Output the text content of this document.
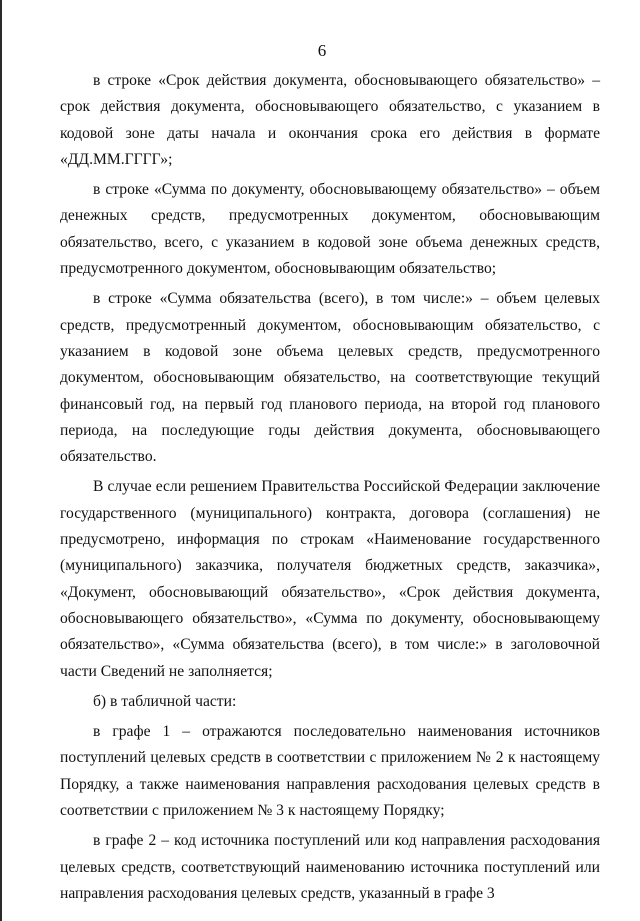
6

в строке «Срок действия документа, обосновывающего обязательство» – срок действия документа, обосновывающего обязательство, с указанием в кодовой зоне даты начала и окончания срока его действия в формате «ДД.ММ.ГГГГ»;

в строке «Сумма по документу, обосновывающему обязательство» – объем денежных средств, предусмотренных документом, обосновывающим обязательство, всего, с указанием в кодовой зоне объема денежных средств, предусмотренного документом, обосновывающим обязательство;

в строке «Сумма обязательства (всего), в том числе:» – объем целевых средств, предусмотренный документом, обосновывающим обязательство, с указанием в кодовой зоне объема целевых средств, предусмотренного документом, обосновывающим обязательство, на соответствующие текущий финансовый год, на первый год планового периода, на второй год планового периода, на последующие годы действия документа, обосновывающего обязательство.

В случае если решением Правительства Российской Федерации заключение государственного (муниципального) контракта, договора (соглашения) не предусмотрено, информация по строкам «Наименование государственного (муниципального) заказчика, получателя бюджетных средств, заказчика», «Документ, обосновывающий обязательство», «Срок действия документа, обосновывающего обязательство», «Сумма по документу, обосновывающему обязательство», «Сумма обязательства (всего), в том числе:» в заголовочной части Сведений не заполняется;

б) в табличной части:

в графе 1 – отражаются последовательно наименования источников поступлений целевых средств в соответствии с приложением № 2 к настоящему Порядку, а также наименования направления расходования целевых средств в соответствии с приложением № 3 к настоящему Порядку;

в графе 2 – код источника поступлений или код направления расходования целевых средств, соответствующий наименованию источника поступлений или направления расходования целевых средств, указанный в графе 3
